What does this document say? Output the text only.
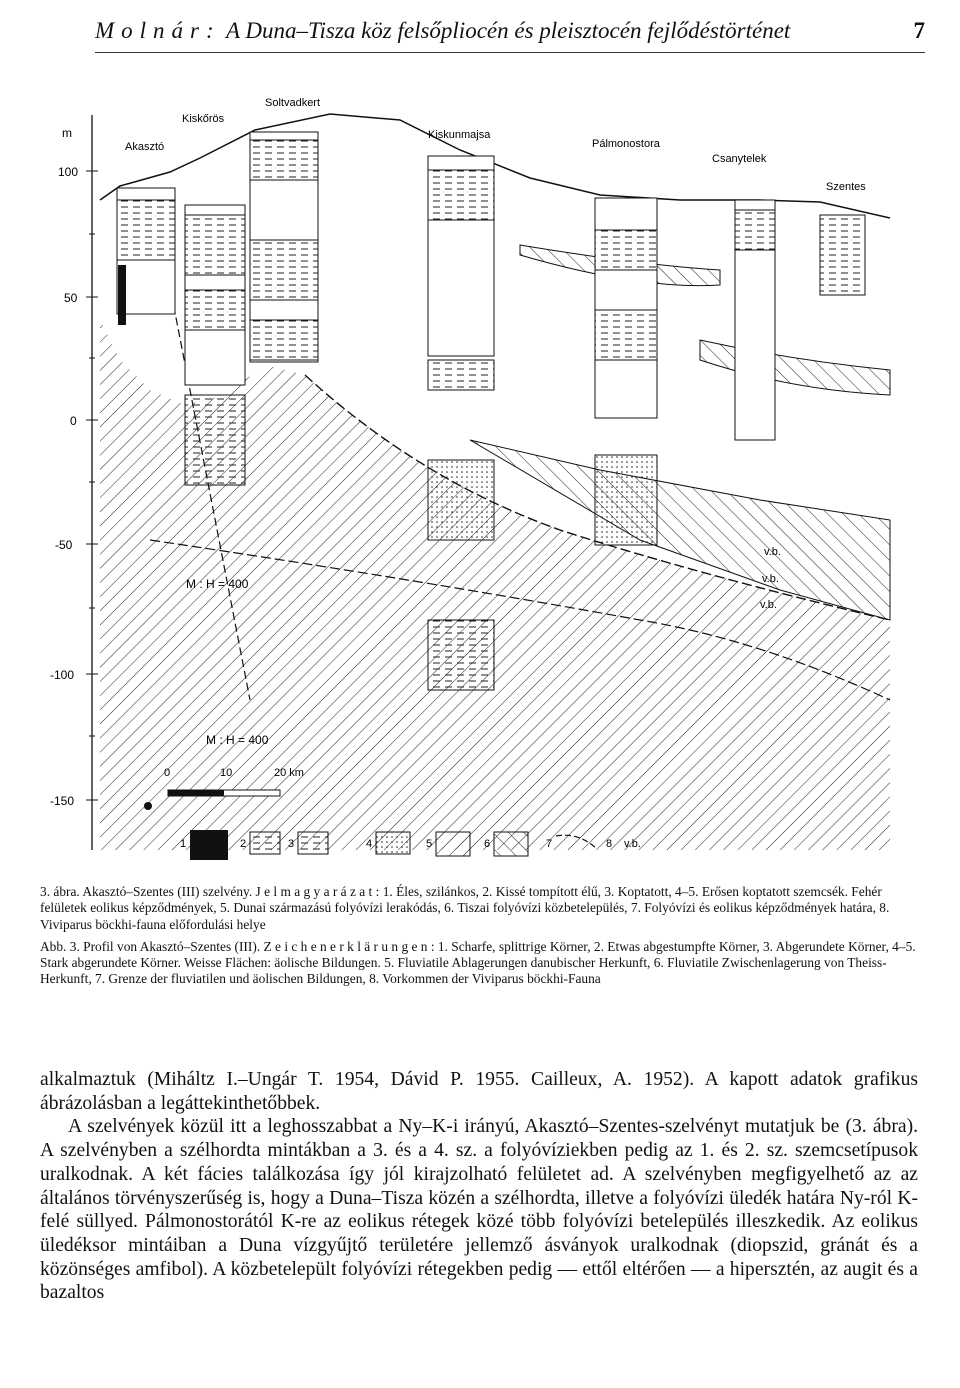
Molnár: A Duna–Tisza köz felsőpliocén és pleisztocén fejlődéstörténet	7
m
100
50
0
-50
-100
-150
Akasztó
Kiskőrös
Soltvadkert
Kiskunmajsa
Pálmonostora
Csanytelek
Szentes
v.b.
v.b.
v.b.
M : H = 400
M : H = 400
0	10	20 km
1	2	3	4	5	6	7	8 v.b.

3. ábra. Akasztó–Szentes (III) szelvény. J e l m a g y a r á z a t : 1. Éles, szilánkos, 2. Kissé tompított élű, 3. Koptatott, 4–5. Erősen koptatott szemcsék. Fehér felületek eolikus képződmények, 5. Dunai származású folyóvízi lerakódás, 6. Tiszai folyóvízi közbetelepülés, 7. Folyóvízi és eolikus képződmények határa, 8. Viviparus böckhi-fauna előfordulási helye

Abb. 3. Profil von Akasztó–Szentes (III). Z e i c h e n e r k l ä r u n g e n : 1. Scharfe, splittrige Körner, 2. Etwas abgestumpfte Körner, 3. Abgerundete Körner, 4–5. Stark abgerundete Körner. Weisse Flächen: äolische Bildungen. 5. Fluviatile Ablagerungen danubischer Herkunft, 6. Fluviatile Zwischenlagerung von Theiss-Herkunft, 7. Grenze der fluviatilen und äolischen Bildungen, 8. Vorkommen der Viviparus böckhi-Fauna

alkalmaztuk (Miháltz I.–Ungár T. 1954, Dávid P. 1955. Cailleux, A. 1952). A kapott adatok grafikus ábrázolásban a legáttekinthetőbbek.

A szelvények közül itt a leghosszabbat a Ny–K-i irányú, Akasztó–Szentes-szelvényt mutatjuk be (3. ábra). A szelvényben a szélhordta mintákban a 3. és a 4. sz. a folyóvíziekben pedig az 1. és 2. sz. szemcsetípusok uralkodnak. A két fácies találkozása így jól kirajzolható felületet ad. A szelvényben megfigyelhető az az általános törvényszerűség is, hogy a Duna–Tisza közén a szélhordta, illetve a folyóvízi üledék határa Ny-ról K-felé süllyed. Pálmonostorától K-re az eolikus rétegek közé több folyóvízi betelepülés illeszkedik. Az eolikus üledéksor mintáiban a Duna vízgyűjtő területére jellemző ásványok uralkodnak (diopszid, gránát és a közönséges amfibol). A közbetelepült folyóvízi rétegekben pedig — ettől eltérően — a hipersztén, az augit és a bazaltos
